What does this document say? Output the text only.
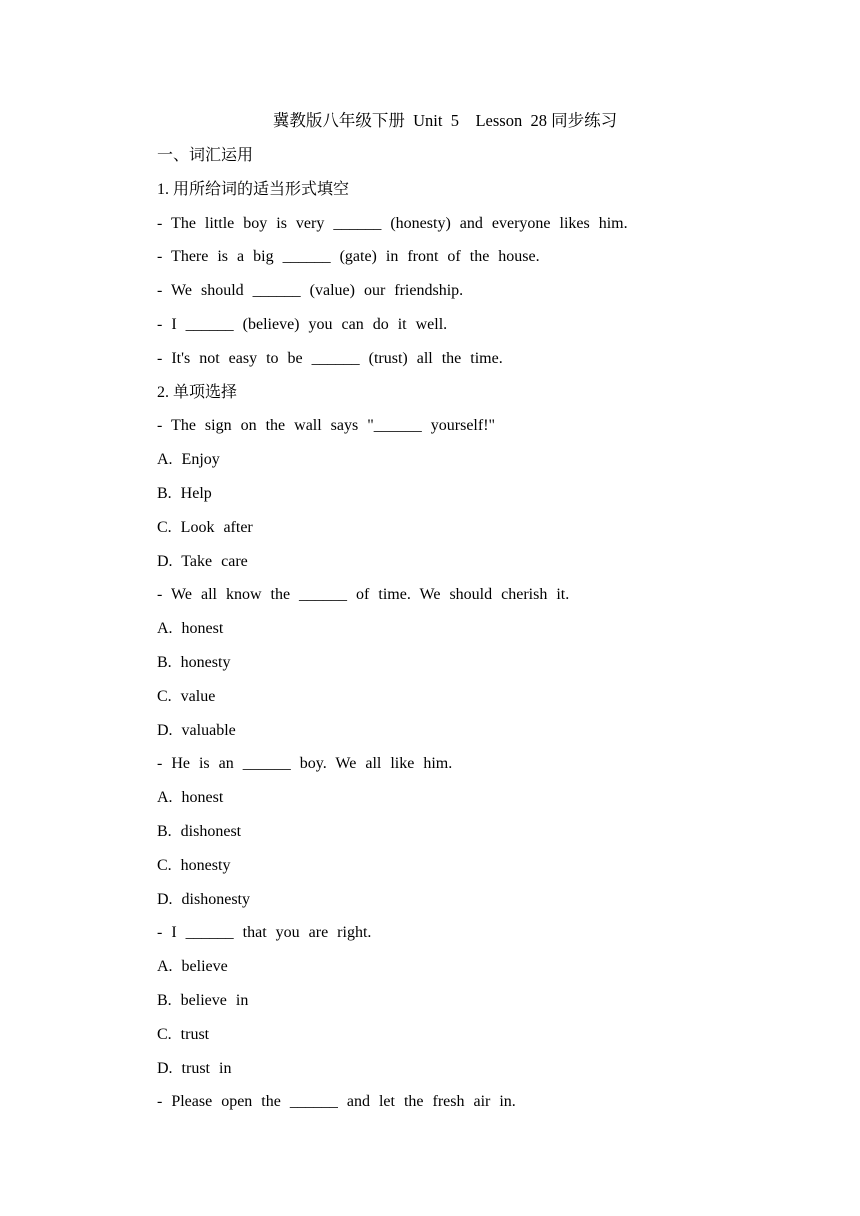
冀教版八年级下册  Unit  5    Lesson  28 同步练习
一、词汇运用
1. 用所给词的适当形式填空
- The little boy is very ______ (honesty) and everyone likes him.
- There is a big ______ (gate) in front of the house.
- We should ______ (value) our friendship.
- I ______ (believe) you can do it well.
- It's not easy to be ______ (trust) all the time.
2. 单项选择
- The sign on the wall says "______ yourself!"
A. Enjoy
B. Help
C. Look after
D. Take care
- We all know the ______ of time. We should cherish it.
A. honest
B. honesty
C. value
D. valuable
- He is an ______ boy. We all like him.
A. honest
B. dishonest
C. honesty
D. dishonesty
- I ______ that you are right.
A. believe
B. believe in
C. trust
D. trust in
- Please open the ______ and let the fresh air in.
